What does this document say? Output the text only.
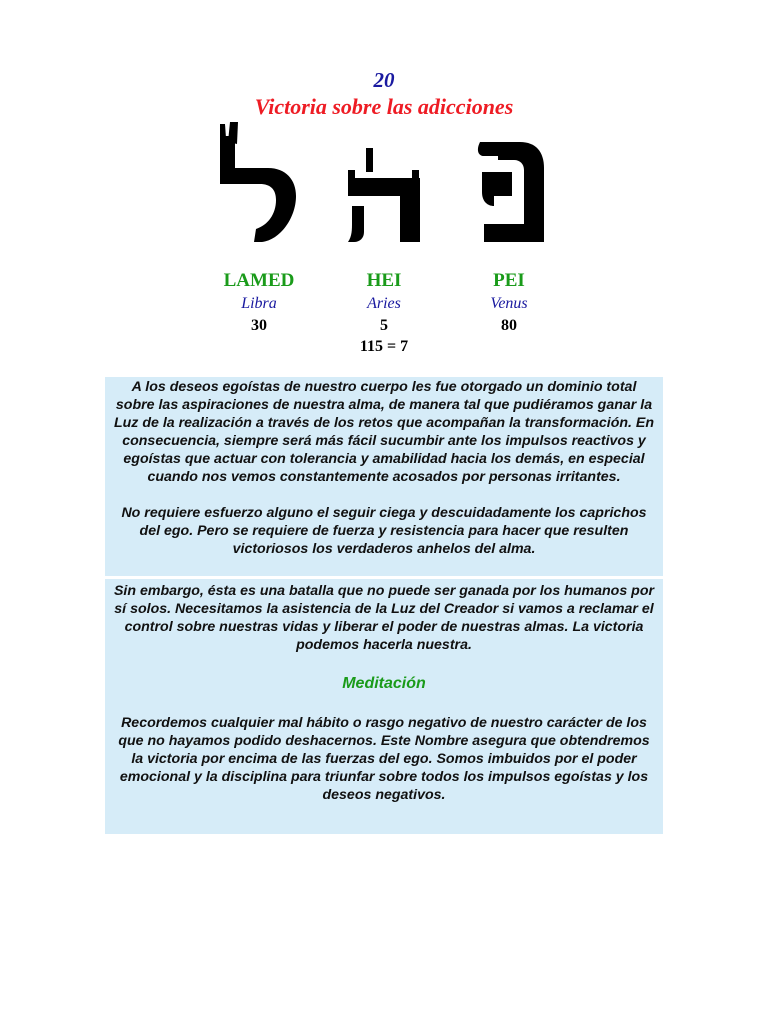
20
Victoria sobre las adicciones
LAMED
Libra
30
HEI
Aries
5
PEI
Venus
80
115 = 7

A los deseos egoístas de nuestro cuerpo les fue otorgado un dominio total sobre las aspiraciones de nuestra alma, de manera tal que pudiéramos ganar la Luz de la realización a través de los retos que acompañan la transformación. En consecuencia, siempre será más fácil sucumbir ante los impulsos reactivos y egoístas que actuar con tolerancia y amabilidad hacia los demás, en especial cuando nos vemos constantemente acosados por personas irritantes.

No requiere esfuerzo alguno el seguir ciega y descuidadamente los caprichos del ego. Pero se requiere de fuerza y resistencia para hacer que resulten victoriosos los verdaderos anhelos del alma.

Sin embargo, ésta es una batalla que no puede ser ganada por los humanos por sí solos. Necesitamos la asistencia de la Luz del Creador si vamos a reclamar el control sobre nuestras vidas y liberar el poder de nuestras almas. La victoria podemos hacerla nuestra.

Meditación

Recordemos cualquier mal hábito o rasgo negativo de nuestro carácter de los que no hayamos podido deshacernos. Este Nombre asegura que obtendremos la victoria por encima de las fuerzas del ego. Somos imbuidos por el poder emocional y la disciplina para triunfar sobre todos los impulsos egoístas y los deseos negativos.
